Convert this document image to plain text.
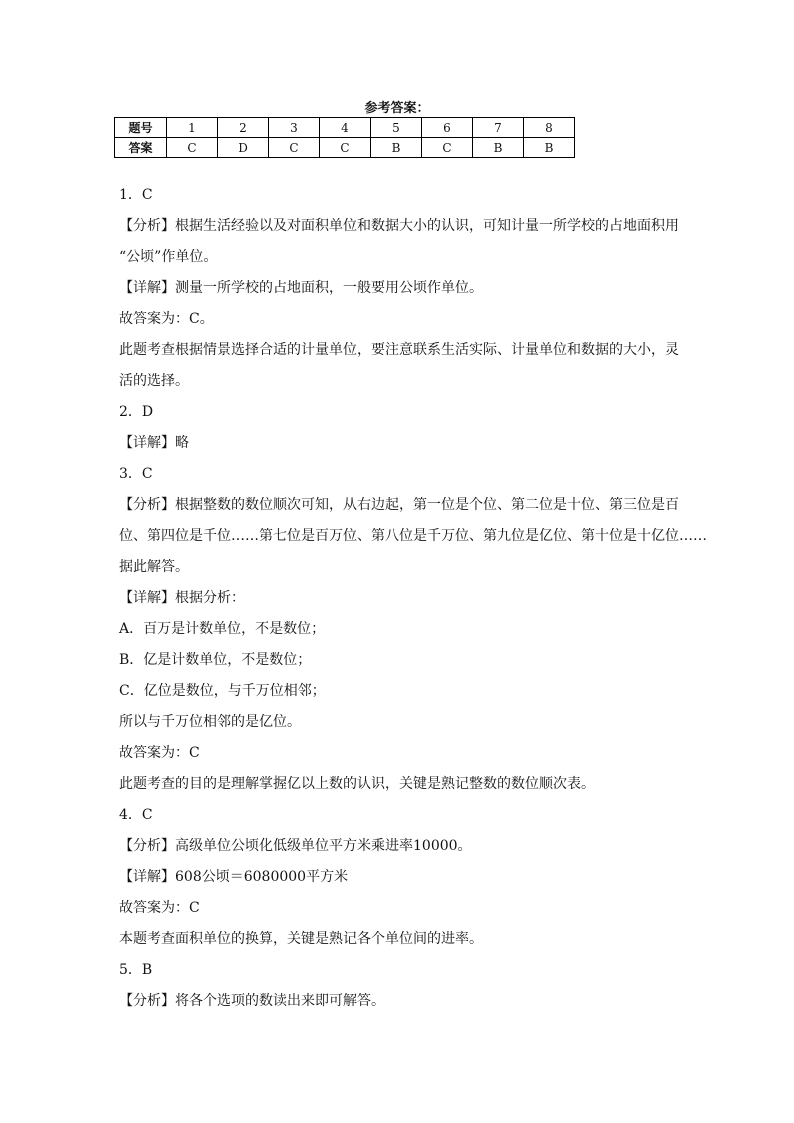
参考答案：
题号	1	2	3	4	5	6	7	8
答案	C	D	C	C	B	C	B	B
1．C
【分析】根据生活经验以及对面积单位和数据大小的认识，可知计量一所学校的占地面积用
“公顷”作单位。
【详解】测量一所学校的占地面积，一般要用公顷作单位。
故答案为：C。
此题考查根据情景选择合适的计量单位，要注意联系生活实际、计量单位和数据的大小，灵
活的选择。
2．D
【详解】略
3．C
【分析】根据整数的数位顺次可知，从右边起，第一位是个位、第二位是十位、第三位是百
位、第四位是千位……第七位是百万位、第八位是千万位、第九位是亿位、第十位是十亿位……
据此解答。
【详解】根据分析：
A．百万是计数单位，不是数位；
B．亿是计数单位，不是数位；
C．亿位是数位，与千万位相邻；
所以与千万位相邻的是亿位。
故答案为：C
此题考查的目的是理解掌握亿以上数的认识，关键是熟记整数的数位顺次表。
4．C
【分析】高级单位公顷化低级单位平方米乘进率10000。
【详解】608公顷＝6080000平方米
故答案为：C
本题考查面积单位的换算，关键是熟记各个单位间的进率。
5．B
【分析】将各个选项的数读出来即可解答。
